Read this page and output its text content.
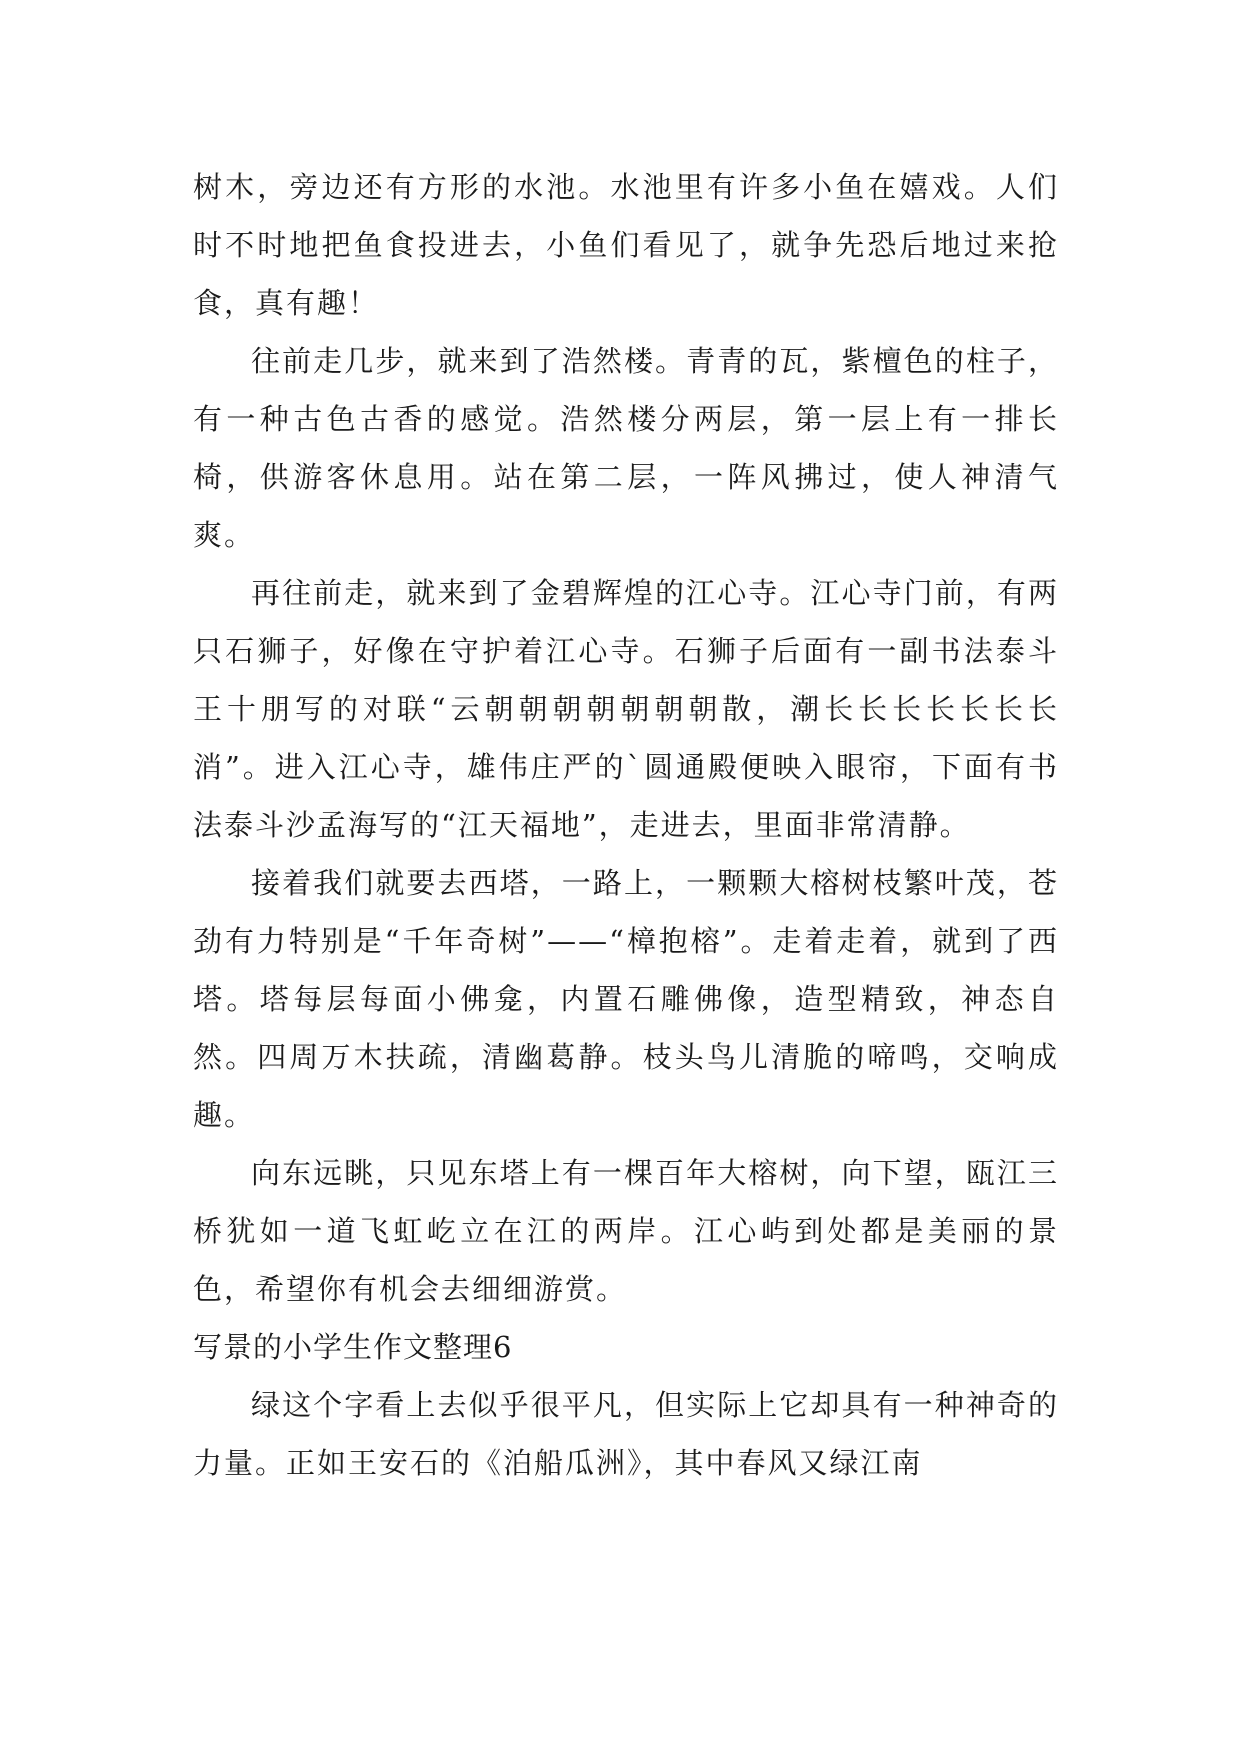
树木，旁边还有方形的水池。水池里有许多小鱼在嬉戏。人们时不时地把鱼食投进去，小鱼们看见了，就争先恐后地过来抢食，真有趣！

往前走几步，就来到了浩然楼。青青的瓦，紫檀色的柱子，有一种古色古香的感觉。浩然楼分两层，第一层上有一排长椅，供游客休息用。站在第二层，一阵风拂过，使人神清气爽。

再往前走，就来到了金碧辉煌的江心寺。江心寺门前，有两只石狮子，好像在守护着江心寺。石狮子后面有一副书法泰斗王十朋写的对联“云朝朝朝朝朝朝朝散，潮长长长长长长长消”。进入江心寺，雄伟庄严的`圆通殿便映入眼帘，下面有书法泰斗沙孟海写的“江天福地”，走进去，里面非常清静。

接着我们就要去西塔，一路上，一颗颗大榕树枝繁叶茂，苍劲有力特别是“千年奇树”——“樟抱榕”。走着走着，就到了西塔。塔每层每面小佛龛，内置石雕佛像，造型精致，神态自然。四周万木扶疏，清幽葛静。枝头鸟儿清脆的啼鸣，交响成趣。

向东远眺，只见东塔上有一棵百年大榕树，向下望，瓯江三桥犹如一道飞虹屹立在江的两岸。江心屿到处都是美丽的景色，希望你有机会去细细游赏。

写景的小学生作文整理6

绿这个字看上去似乎很平凡，但实际上它却具有一种神奇的力量。正如王安石的《泊船瓜洲》，其中春风又绿江南
